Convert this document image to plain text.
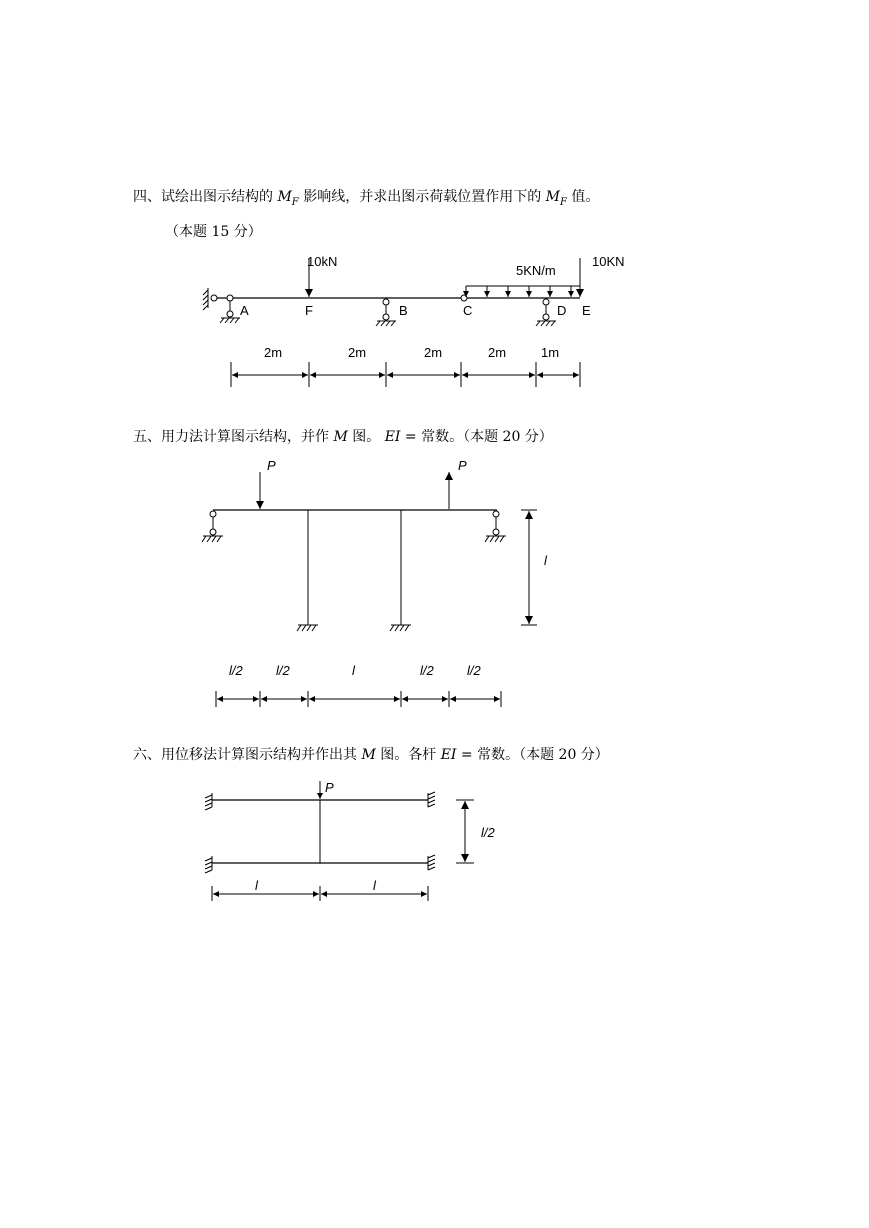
四、试绘出图示结构的 $M_F$ 影响线，并求出图示荷载位置作用下的 $M_F$ 值。
（本题 15 分）
五、用力法计算图示结构，并作 M 图。 EI = 常数。（本题 20 分）
六、用位移法计算图示结构并作出其 M 图。各杆 EI = 常数。（本题 20 分）
10kN
5KN/m
10KN
A	F	B	C	D E
2m	2m	2m	2m	1m
P	P
l
l/2	l/2	l	l/2	l/2
P
l/2
l	l
